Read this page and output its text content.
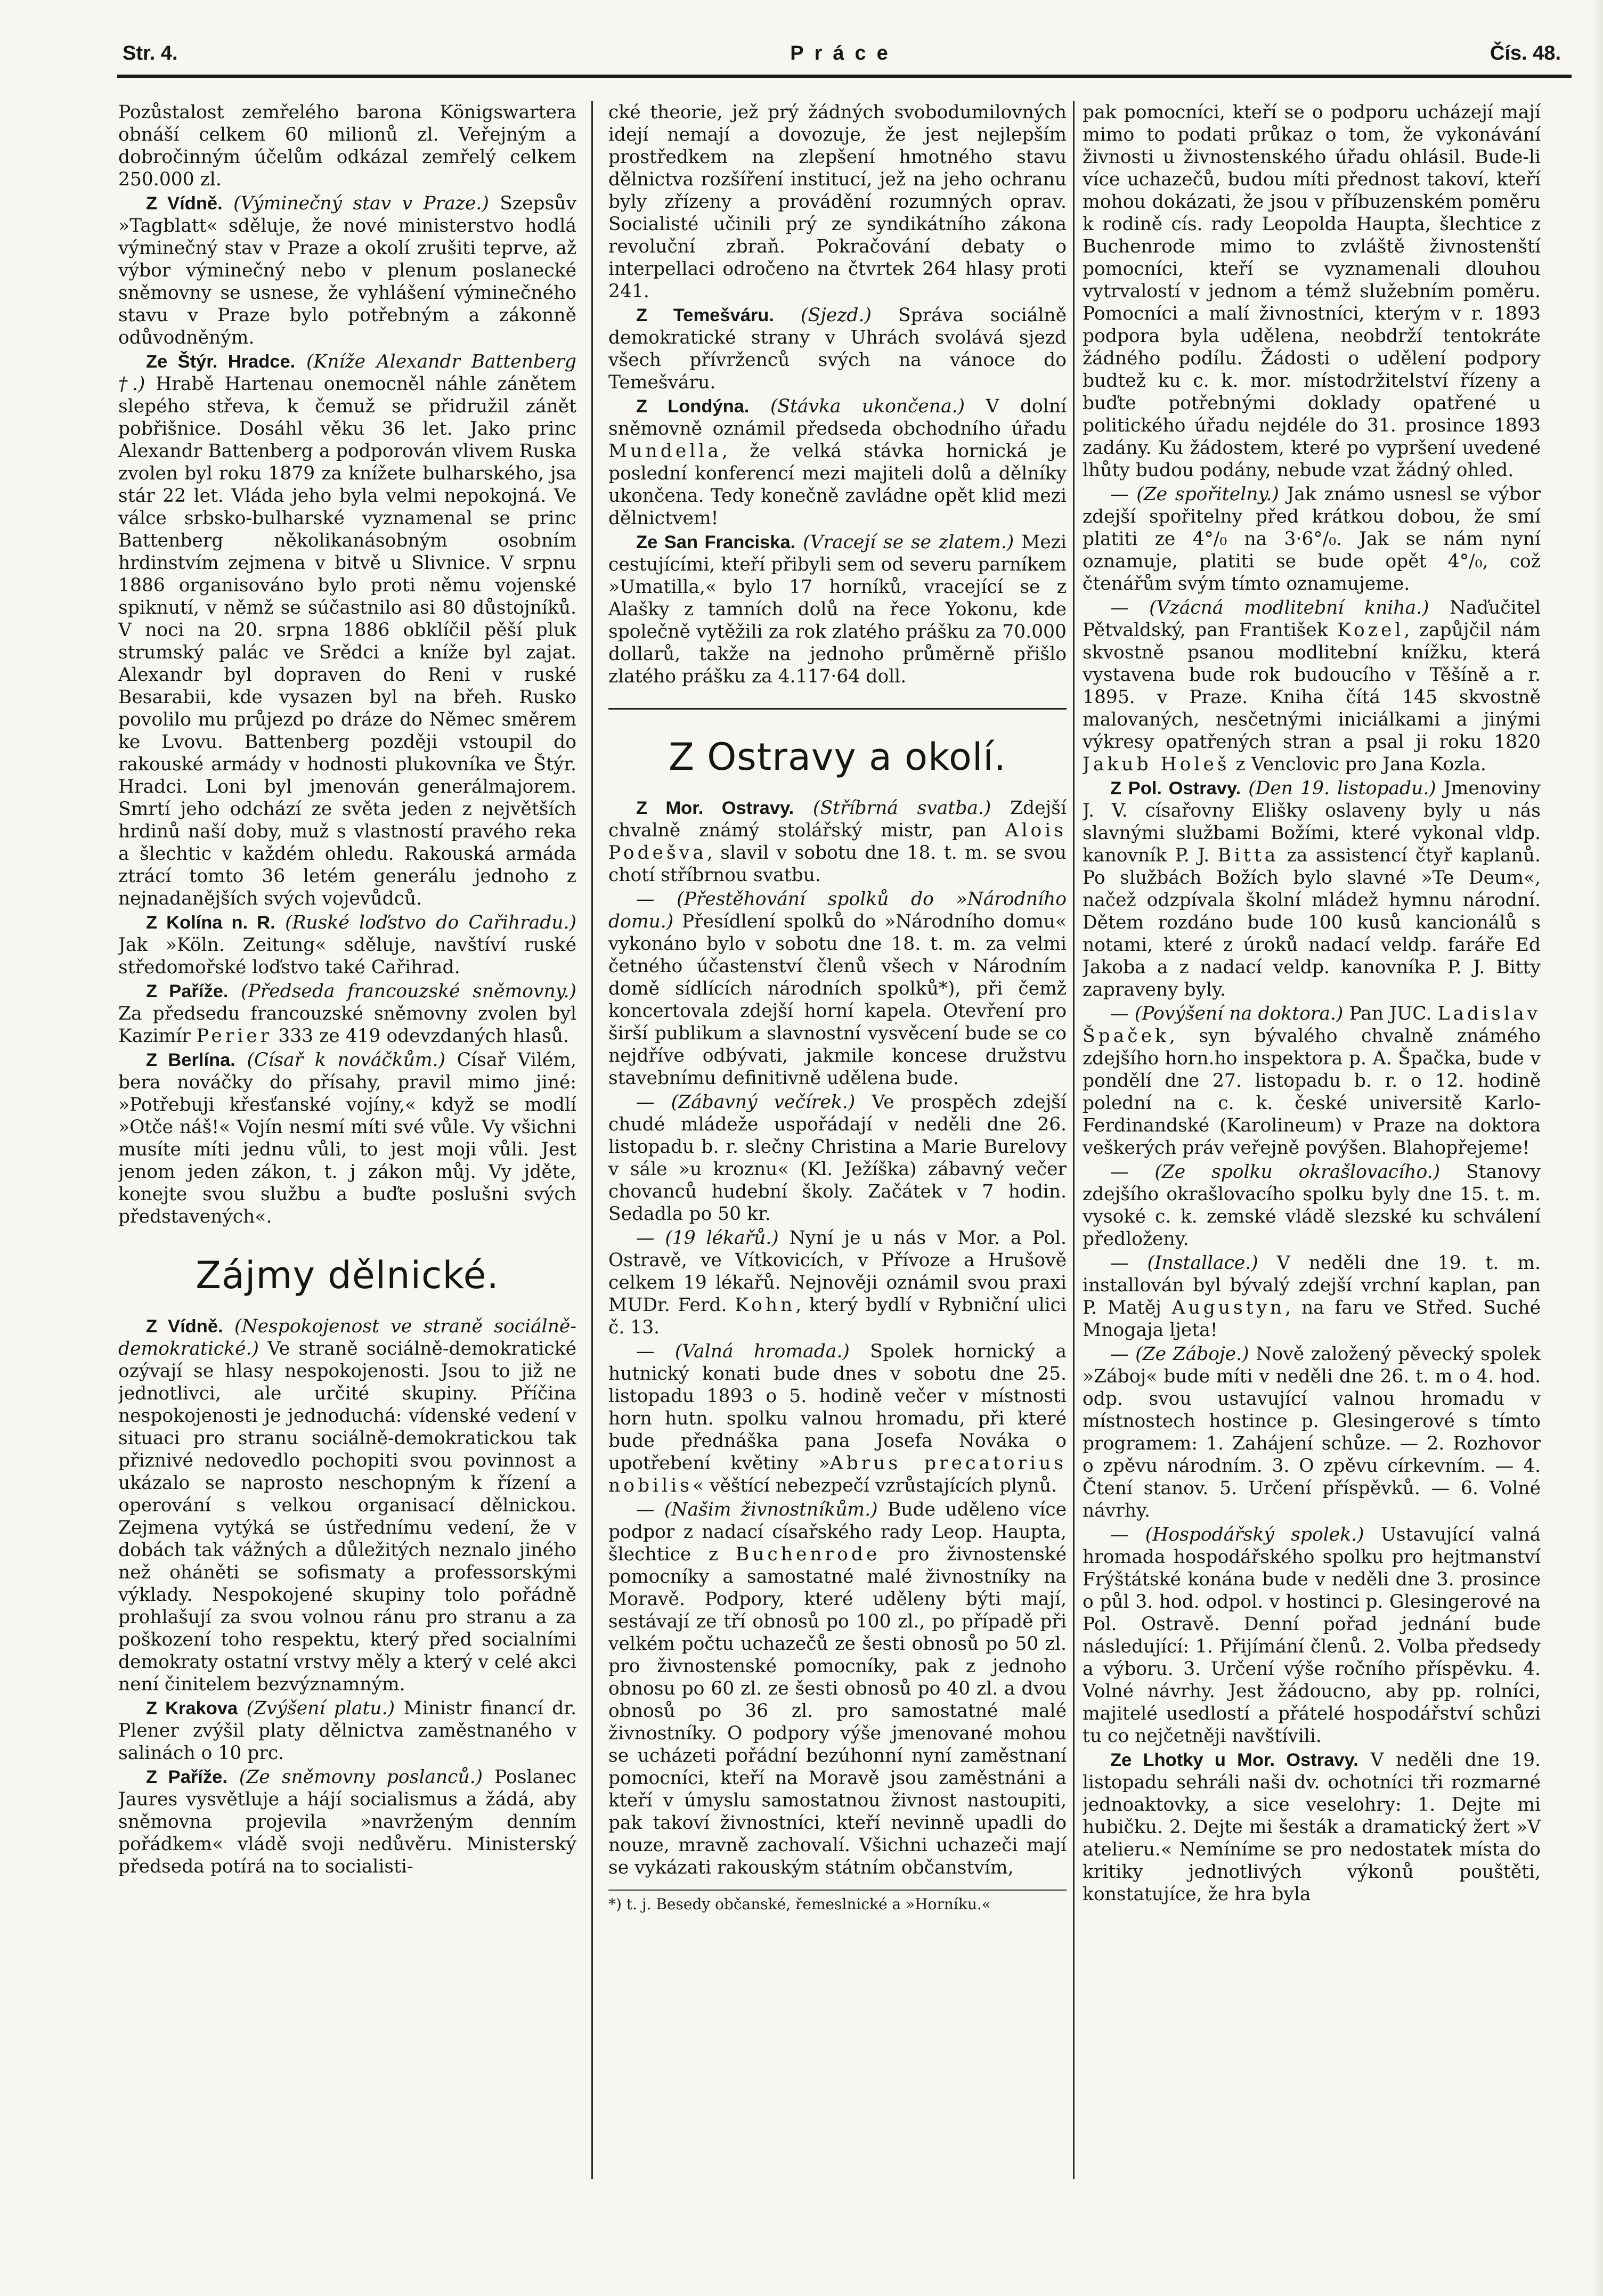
Str. 4.	Práce	Čís. 48.

Pozůstalost zemřelého barona Königswartera obnáší celkem 60 milionů zl. Veřejným a dobročinným účelům odkázal zemřelý celkem 250.000 zl.

Z Vídně. (Výminečný stav v Praze.) Szepsův »Tagblatt« sděluje, že nové ministerstvo hodlá výminečný stav v Praze a okolí zrušiti teprve, až výbor výminečný nebo v plenum poslanecké sněmovny se usnese, že vyhlášení výminečného stavu v Praze bylo potřebným a zákonně odůvodněným.

Ze Štýr. Hradce. (Kníže Alexandr Battenberg †.) Hrabě Hartenau onemocněl náhle zánětem slepého střeva, k čemuž se přidružil zánět pobřišnice. Dosáhl věku 36 let. Jako princ Alexandr Battenberg a podporován vlivem Ruska zvolen byl roku 1879 za knížete bulharského, jsa stár 22 let. Vláda jeho byla velmi nepokojná. Ve válce srbsko-bulharské vyznamenal se princ Battenberg několikanásobným osobním hrdinstvím zejmena v bitvě u Slivnice. V srpnu 1886 organisováno bylo proti němu vojenské spiknutí, v němž se súčastnilo asi 80 důstojníků. V noci na 20. srpna 1886 obklíčil pěší pluk strumský palác ve Srědci a kníže byl zajat. Alexandr byl dopraven do Reni v ruské Besarabii, kde vysazen byl na břeh. Rusko povolilo mu průjezd po dráze do Němec směrem ke Lvovu. Battenberg později vstoupil do rakouské armády v hodnosti plukovníka ve Štýr. Hradci. Loni byl jmenován generálmajorem. Smrtí jeho odchází ze světa jeden z největších hrdinů naší doby, muž s vlastností pravého reka a šlechtic v každém ohledu. Rakouská armáda ztrácí tomto 36 letém generálu jednoho z nejnadanějších svých vojevůdců.

Z Kolína n. R. (Ruské loďstvo do Cařihradu.) Jak »Köln. Zeitung« sděluje, navštíví ruské středomořské loďstvo také Cařihrad.

Z Paříže. (Předseda francouzské sněmovny.) Za předsedu francouzské sněmovny zvolen byl Kazimír Perier 333 ze 419 odevzdaných hlasů.

Z Berlína. (Císař k nováčkům.) Císař Vilém, bera nováčky do přísahy, pravil mimo jiné: »Potřebuji křesťanské vojíny,« když se modlí »Otče náš!« Vojín nesmí míti své vůle. Vy všichni musíte míti jednu vůli, to jest moji vůli. Jest jenom jeden zákon, t. j zákon můj. Vy jděte, konejte svou službu a buďte poslušni svých představených«.

Zájmy dělnické.

Z Vídně. (Nespokojenost ve straně sociálně-demokratické.) Ve straně sociálně-demokratické ozývají se hlasy nespokojenosti. Jsou to již ne jednotlivci, ale určité skupiny. Příčina nespokojenosti je jednoduchá: vídenské vedení v situaci pro stranu sociálně-demokratickou tak přiznivé nedovedlo pochopiti svou povinnost a ukázalo se naprosto neschopným k řízení a operování s velkou organisací dělnickou. Zejmena vytýká se ústřednímu vedení, že v dobách tak vážných a důležitých neznalo jiného než oháněti se sofismaty a professorskými výklady. Nespokojené skupiny tolo pořádně prohlašují za svou volnou ránu pro stranu a za poškození toho respektu, který před socialními demokraty ostatní vrstvy měly a který v celé akci není činitelem bezvýznamným.

Z Krakova (Zvýšení platu.) Ministr financí dr. Plener zvýšil platy dělnictva zaměstnaného v salinách o 10 prc.

Z Paříže. (Ze sněmovny poslanců.) Poslanec Jaures vysvětluje a hájí socialismus a žádá, aby sněmovna projevila »navrženým denním pořádkem« vládě svoji nedůvěru. Ministerský předseda potírá na to socialisti-

cké theorie, jež prý žádných svobodumilovných idejí nemají a dovozuje, že jest nejlepším prostředkem na zlepšení hmotného stavu dělnictva rozšíření institucí, jež na jeho ochranu byly zřízeny a provádění rozumných oprav. Socialisté učinili prý ze syndikátního zákona revoluční zbraň. Pokračování debaty o interpellaci odročeno na čtvrtek 264 hlasy proti 241.

Z Temešváru. (Sjezd.) Správa sociálně demokratické strany v Uhrách svolává sjezd všech přívrženců svých na vánoce do Temešváru.

Z Londýna. (Stávka ukončena.) V dolní sněmovně oznámil předseda obchodního úřadu Mundella, že velká stávka hornická je poslední konferencí mezi majiteli dolů a dělníky ukončena. Tedy konečně zavládne opět klid mezi dělnictvem!

Ze San Franciska. (Vracejí se se zlatem.) Mezi cestujícími, kteří přibyli sem od severu parníkem »Umatilla,« bylo 17 horníků, vracející se z Alašky z tamních dolů na řece Yokonu, kde společně vytěžili za rok zlatého prášku za 70.000 dollarů, takže na jednoho průměrně přišlo zlatého prášku za 4.117·64 doll.

Z Ostravy a okolí.

Z Mor. Ostravy. (Stříbrná svatba.) Zdejší chvalně známý stolářský mistr, pan Alois Podešva, slavil v sobotu dne 18. t. m. se svou chotí stříbrnou svatbu.

— (Přestěhování spolků do »Národního domu.) Přesídlení spolků do »Národního domu« vykonáno bylo v sobotu dne 18. t. m. za velmi četného účastenství členů všech v Národním domě sídlících národních spolků*), při čemž koncertovala zdejší horní kapela. Otevření pro širší publikum a slavnostní vysvěcení bude se co nejdříve odbývati, jakmile koncese družstvu stavebnímu definitivně udělena bude.

— (Zábavný večírek.) Ve prospěch zdejší chudé mládeže uspořádají v neděli dne 26. listopadu b. r. slečny Christina a Marie Burelovy v sále »u kroznu« (Kl. Ježíška) zábavný večer chovanců hudební školy. Začátek v 7 hodin. Sedadla po 50 kr.

— (19 lékařů.) Nyní je u nás v Mor. a Pol. Ostravě, ve Vítkovicích, v Přívoze a Hrušově celkem 19 lékařů. Nejnověji oznámil svou praxi MUDr. Ferd. Kohn, který bydlí v Rybniční ulici č. 13.

— (Valná hromada.) Spolek hornický a hutnický konati bude dnes v sobotu dne 25. listopadu 1893 o 5. hodině večer v místnosti horn hutn. spolku valnou hromadu, při které bude přednáška pana Josefa Nováka o upotřebení květiny »Abrus precatorius nobilis« věštící nebezpečí vzrůstajících plynů.

— (Našim živnostníkům.) Bude uděleno více podpor z nadací císařského rady Leop. Haupta, šlechtice z Buchenrode pro živnostenské pomocníky a samostatné malé živnostníky na Moravě. Podpory, které uděleny býti mají, sestávají ze tří obnosů po 100 zl., po případě při velkém počtu uchazečů ze šesti obnosů po 50 zl. pro živnostenské pomocníky, pak z jednoho obnosu po 60 zl. ze šesti obnosů po 40 zl. a dvou obnosů po 36 zl. pro samostatné malé živnostníky. O podpory výše jmenované mohou se ucházeti pořádní bezúhonní nyní zaměstnaní pomocníci, kteří na Moravě jsou zaměstnáni a kteří v úmyslu samostatnou živnost nastoupiti, pak takoví živnostníci, kteří nevinně upadli do nouze, mravně zachovalí. Všichni uchazeči mají se vykázati rakouským státním občanstvím,

*) t. j. Besedy občanské, řemeslnické a »Horníku.«

pak pomocníci, kteří se o podporu ucházejí mají mimo to podati průkaz o tom, že vykonávání živnosti u živnostenského úřadu ohlásil. Bude-li více uchazečů, budou míti přednost takoví, kteří mohou dokázati, že jsou v příbuzenském poměru k rodině cís. rady Leopolda Haupta, šlechtice z Buchenrode mimo to zvláště živnostenští pomocníci, kteří se vyznamenali dlouhou vytrvalostí v jednom a témž služebním poměru. Pomocníci a malí živnostníci, kterým v r. 1893 podpora byla udělena, neobdrží tentokráte žádného podílu. Žádosti o udělení podpory budtež ku c. k. mor. místodržitelství řízeny a buďte potřebnými doklady opatřené u politického úřadu nejdéle do 31. prosince 1893 zadány. Ku žádostem, které po vypršení uvedené lhůty budou podány, nebude vzat žádný ohled.

— (Ze spořitelny.) Jak známo usnesl se výbor zdejší spořitelny před krátkou dobou, že smí platiti ze 4°/₀ na 3·6°/₀. Jak se nám nyní oznamuje, platiti se bude opět 4°/₀, což čtenářům svým tímto oznamujeme.

— (Vzácná modlitební kniha.) Naďučitel Pětvaldský, pan František Kozel, zapůjčil nám skvostně psanou modlitební knížku, která vystavena bude rok budoucího v Těšíně a r. 1895. v Praze. Kniha čítá 145 skvostně malovaných, nesčetnými iniciálkami a jinými výkresy opatřených stran a psal ji roku 1820 Jakub Holeš z Venclovic pro Jana Kozla.

Z Pol. Ostravy. (Den 19. listopadu.) Jmenoviny J. V. císařovny Elišky oslaveny byly u nás slavnými službami Božími, které vykonal vldp. kanovník P. J. Bitta za assistencí čtyř kaplanů. Po službách Božích bylo slavné »Te Deum«, načež odzpívala školní mládež hymnu národní. Dětem rozdáno bude 100 kusů kancionálů s notami, které z úroků nadací veldp. faráře Ed Jakoba a z nadací veldp. kanovníka P. J. Bitty zapraveny byly.

— (Povýšení na doktora.) Pan JUC. Ladislav Špaček, syn bývalého chvalně známého zdejšího horn.ho inspektora p. A. Špačka, bude v pondělí dne 27. listopadu b. r. o 12. hodině polední na c. k. české universitě Karlo-Ferdinandské (Karolineum) v Praze na doktora veškerých práv veřejně povýšen. Blahopřejeme!

— (Ze spolku okrašlovacího.) Stanovy zdejšího okrašlovacího spolku byly dne 15. t. m. vysoké c. k. zemské vládě slezské ku schválení předloženy.

— (Installace.) V neděli dne 19. t. m. installován byl bývalý zdejší vrchní kaplan, pan P. Matěj Augustyn, na faru ve Střed. Suché Mnogaja ljeta!

— (Ze Záboje.) Nově založený pěvecký spolek »Záboj« bude míti v neděli dne 26. t. m o 4. hod. odp. svou ustavující valnou hromadu v místnostech hostince p. Glesingerové s tímto programem: 1. Zahájení schůze. — 2. Rozhovor o zpěvu národním. 3. O zpěvu církevním. — 4. Čtení stanov. 5. Určení příspěvků. — 6. Volné návrhy.

— (Hospodářský spolek.) Ustavující valná hromada hospodářského spolku pro hejtmanství Frýštátské konána bude v neděli dne 3. prosince o půl 3. hod. odpol. v hostinci p. Glesingerové na Pol. Ostravě. Denní pořad jednání bude následující: 1. Přijímání členů. 2. Volba předsedy a výboru. 3. Určení výše ročního příspěvku. 4. Volné návrhy. Jest žádoucno, aby pp. rolníci, majitelé usedlostí a přátelé hospodářství schůzi tu co nejčetněji navštívili.

Ze Lhotky u Mor. Ostravy. V neděli dne 19. listopadu sehráli naši dv. ochotníci tři rozmarné jednoaktovky, a sice veselohry: 1. Dejte mi hubičku. 2. Dejte mi šesták a dramatický žert »V atelieru.« Nemíníme se pro nedostatek místa do kritiky jednotlivých výkonů pouštěti, konstatujíce, že hra byla
